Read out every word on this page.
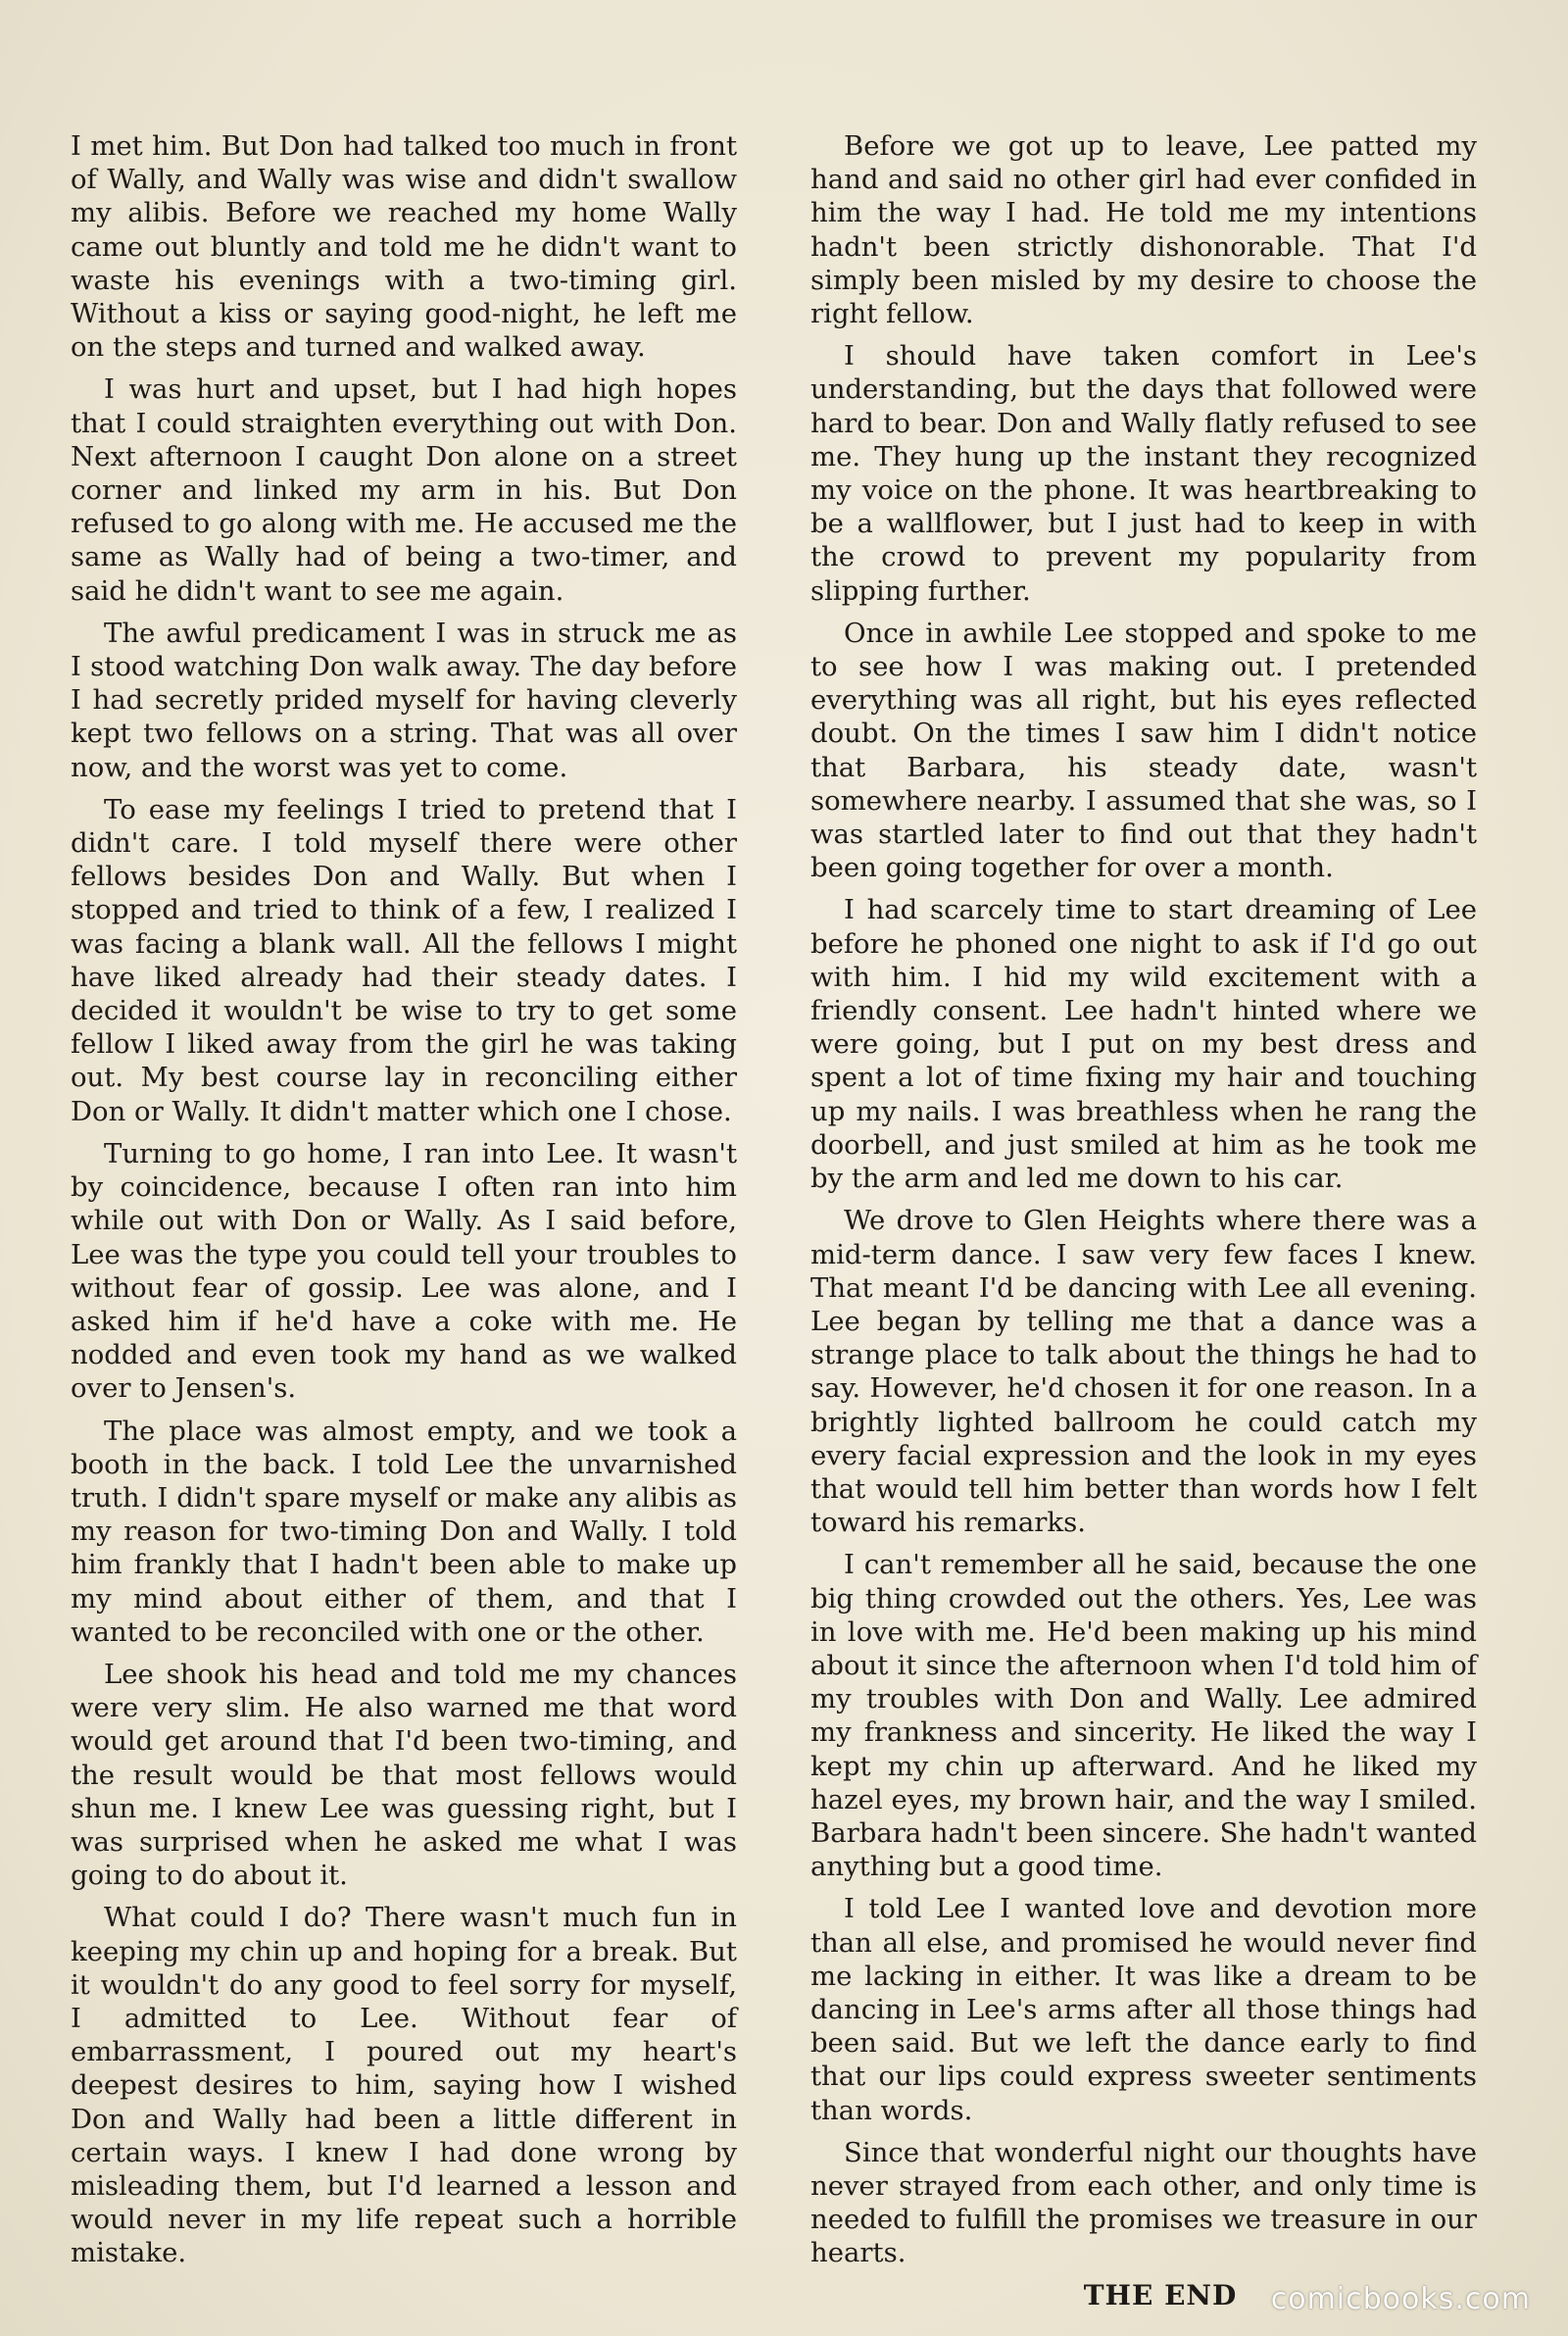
I met him. But Don had talked too much in front of Wally, and Wally was wise and didn't swallow my alibis. Before we reached my home Wally came out bluntly and told me he didn't want to waste his evenings with a two-timing girl. Without a kiss or saying good-night, he left me on the steps and turned and walked away.

I was hurt and upset, but I had high hopes that I could straighten everything out with Don. Next afternoon I caught Don alone on a street corner and linked my arm in his. But Don refused to go along with me. He accused me the same as Wally had of being a two-timer, and said he didn't want to see me again.

The awful predicament I was in struck me as I stood watching Don walk away. The day before I had secretly prided myself for having cleverly kept two fellows on a string. That was all over now, and the worst was yet to come.

To ease my feelings I tried to pretend that I didn't care. I told myself there were other fellows besides Don and Wally. But when I stopped and tried to think of a few, I realized I was facing a blank wall. All the fellows I might have liked already had their steady dates. I decided it wouldn't be wise to try to get some fellow I liked away from the girl he was taking out. My best course lay in reconciling either Don or Wally. It didn't matter which one I chose.

Turning to go home, I ran into Lee. It wasn't by coincidence, because I often ran into him while out with Don or Wally. As I said before, Lee was the type you could tell your troubles to without fear of gossip. Lee was alone, and I asked him if he'd have a coke with me. He nodded and even took my hand as we walked over to Jensen's.

The place was almost empty, and we took a booth in the back. I told Lee the unvarnished truth. I didn't spare myself or make any alibis as my reason for two-timing Don and Wally. I told him frankly that I hadn't been able to make up my mind about either of them, and that I wanted to be reconciled with one or the other.

Lee shook his head and told me my chances were very slim. He also warned me that word would get around that I'd been two-timing, and the result would be that most fellows would shun me. I knew Lee was guessing right, but I was surprised when he asked me what I was going to do about it.

What could I do? There wasn't much fun in keeping my chin up and hoping for a break. But it wouldn't do any good to feel sorry for myself, I admitted to Lee. Without fear of embarrassment, I poured out my heart's deepest desires to him, saying how I wished Don and Wally had been a little different in certain ways. I knew I had done wrong by misleading them, but I'd learned a lesson and would never in my life repeat such a horrible mistake.

Before we got up to leave, Lee patted my hand and said no other girl had ever confided in him the way I had. He told me my intentions hadn't been strictly dishonorable. That I'd simply been misled by my desire to choose the right fellow.

I should have taken comfort in Lee's understanding, but the days that followed were hard to bear. Don and Wally flatly refused to see me. They hung up the instant they recognized my voice on the phone. It was heartbreaking to be a wallflower, but I just had to keep in with the crowd to prevent my popularity from slipping further.

Once in awhile Lee stopped and spoke to me to see how I was making out. I pretended everything was all right, but his eyes reflected doubt. On the times I saw him I didn't notice that Barbara, his steady date, wasn't somewhere nearby. I assumed that she was, so I was startled later to find out that they hadn't been going together for over a month.

I had scarcely time to start dreaming of Lee before he phoned one night to ask if I'd go out with him. I hid my wild excitement with a friendly consent. Lee hadn't hinted where we were going, but I put on my best dress and spent a lot of time fixing my hair and touching up my nails. I was breathless when he rang the doorbell, and just smiled at him as he took me by the arm and led me down to his car.

We drove to Glen Heights where there was a mid-term dance. I saw very few faces I knew. That meant I'd be dancing with Lee all evening. Lee began by telling me that a dance was a strange place to talk about the things he had to say. However, he'd chosen it for one reason. In a brightly lighted ballroom he could catch my every facial expression and the look in my eyes that would tell him better than words how I felt toward his remarks.

I can't remember all he said, because the one big thing crowded out the others. Yes, Lee was in love with me. He'd been making up his mind about it since the afternoon when I'd told him of my troubles with Don and Wally. Lee admired my frankness and sincerity. He liked the way I kept my chin up afterward. And he liked my hazel eyes, my brown hair, and the way I smiled. Barbara hadn't been sincere. She hadn't wanted anything but a good time.

I told Lee I wanted love and devotion more than all else, and promised he would never find me lacking in either. It was like a dream to be dancing in Lee's arms after all those things had been said. But we left the dance early to find that our lips could express sweeter sentiments than words.

Since that wonderful night our thoughts have never strayed from each other, and only time is needed to fulfill the promises we treasure in our hearts.

THE END	comicbooks.com
